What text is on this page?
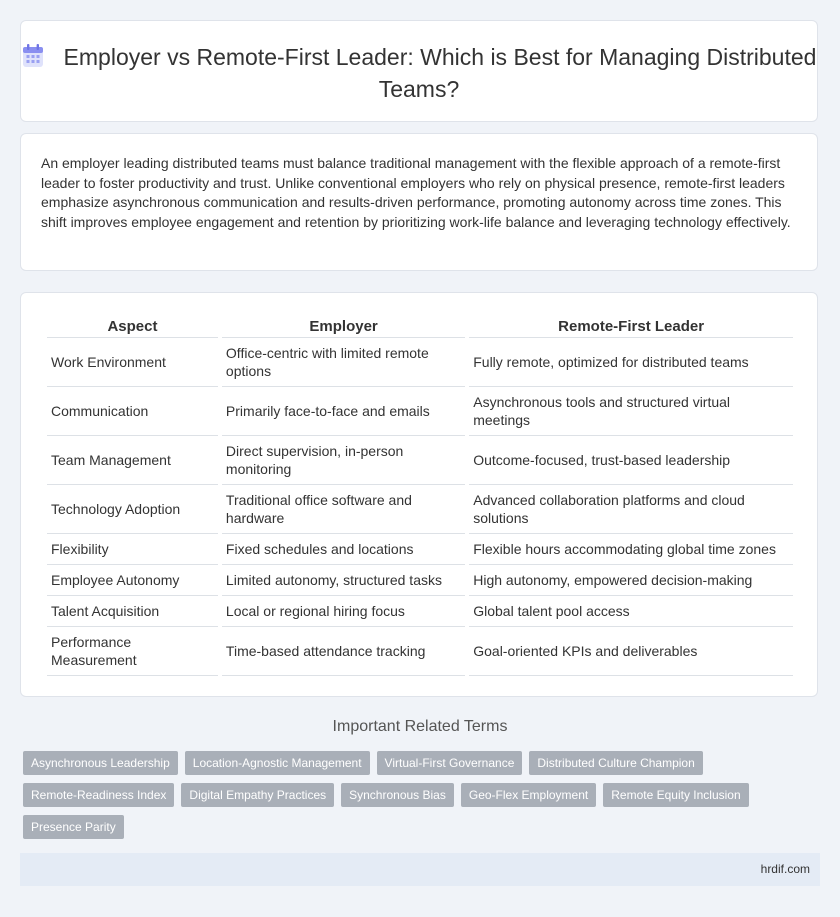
Employer vs Remote-First Leader: Which is Best for Managing Distributed Teams?

An employer leading distributed teams must balance traditional management with the flexible approach of a remote-first leader to foster productivity and trust. Unlike conventional employers who rely on physical presence, remote-first leaders emphasize asynchronous communication and results-driven performance, promoting autonomy across time zones. This shift improves employee engagement and retention by prioritizing work-life balance and leveraging technology effectively.

Aspect	Employer	Remote-First Leader
Work Environment	Office-centric with limited remote options	Fully remote, optimized for distributed teams
Communication	Primarily face-to-face and emails	Asynchronous tools and structured virtual meetings
Team Management	Direct supervision, in-person monitoring	Outcome-focused, trust-based leadership
Technology Adoption	Traditional office software and hardware	Advanced collaboration platforms and cloud solutions
Flexibility	Fixed schedules and locations	Flexible hours accommodating global time zones
Employee Autonomy	Limited autonomy, structured tasks	High autonomy, empowered decision-making
Talent Acquisition	Local or regional hiring focus	Global talent pool access
Performance Measurement	Time-based attendance tracking	Goal-oriented KPIs and deliverables
Important Related Terms
Asynchronous Leadership	Location-Agnostic Management	Virtual-First Governance	Distributed Culture Champion
Remote-Readiness Index	Digital Empathy Practices	Synchronous Bias	Geo-Flex Employment	Remote Equity Inclusion
Presence Parity
hrdif.com
